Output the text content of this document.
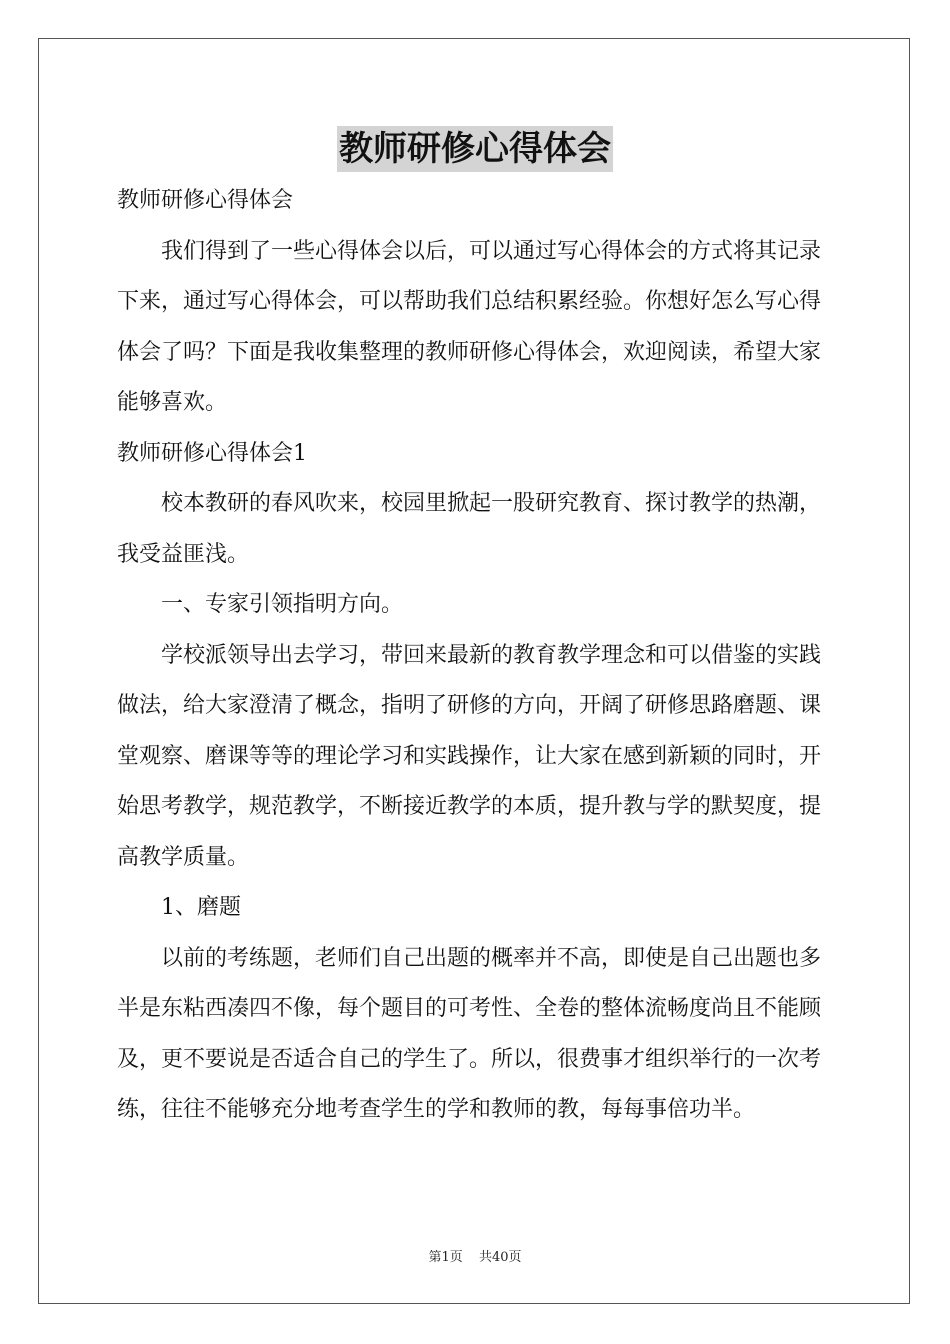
教师研修心得体会

教师研修心得体会

我们得到了一些心得体会以后，可以通过写心得体会的方式将其记录下来，通过写心得体会，可以帮助我们总结积累经验。你想好怎么写心得体会了吗？下面是我收集整理的教师研修心得体会，欢迎阅读，希望大家能够喜欢。

教师研修心得体会1

校本教研的春风吹来，校园里掀起一股研究教育、探讨教学的热潮，我受益匪浅。

一、专家引领指明方向。

学校派领导出去学习，带回来最新的教育教学理念和可以借鉴的实践做法，给大家澄清了概念，指明了研修的方向，开阔了研修思路磨题、课堂观察、磨课等等的理论学习和实践操作，让大家在感到新颖的同时，开始思考教学，规范教学，不断接近教学的本质，提升教与学的默契度，提高教学质量。

1、磨题

以前的考练题，老师们自己出题的概率并不高，即使是自己出题也多半是东粘西凑四不像，每个题目的可考性、全卷的整体流畅度尚且不能顾及，更不要说是否适合自己的学生了。所以，很费事才组织举行的一次考练，往往不能够充分地考查学生的学和教师的教，每每事倍功半。

第1页 共40页
